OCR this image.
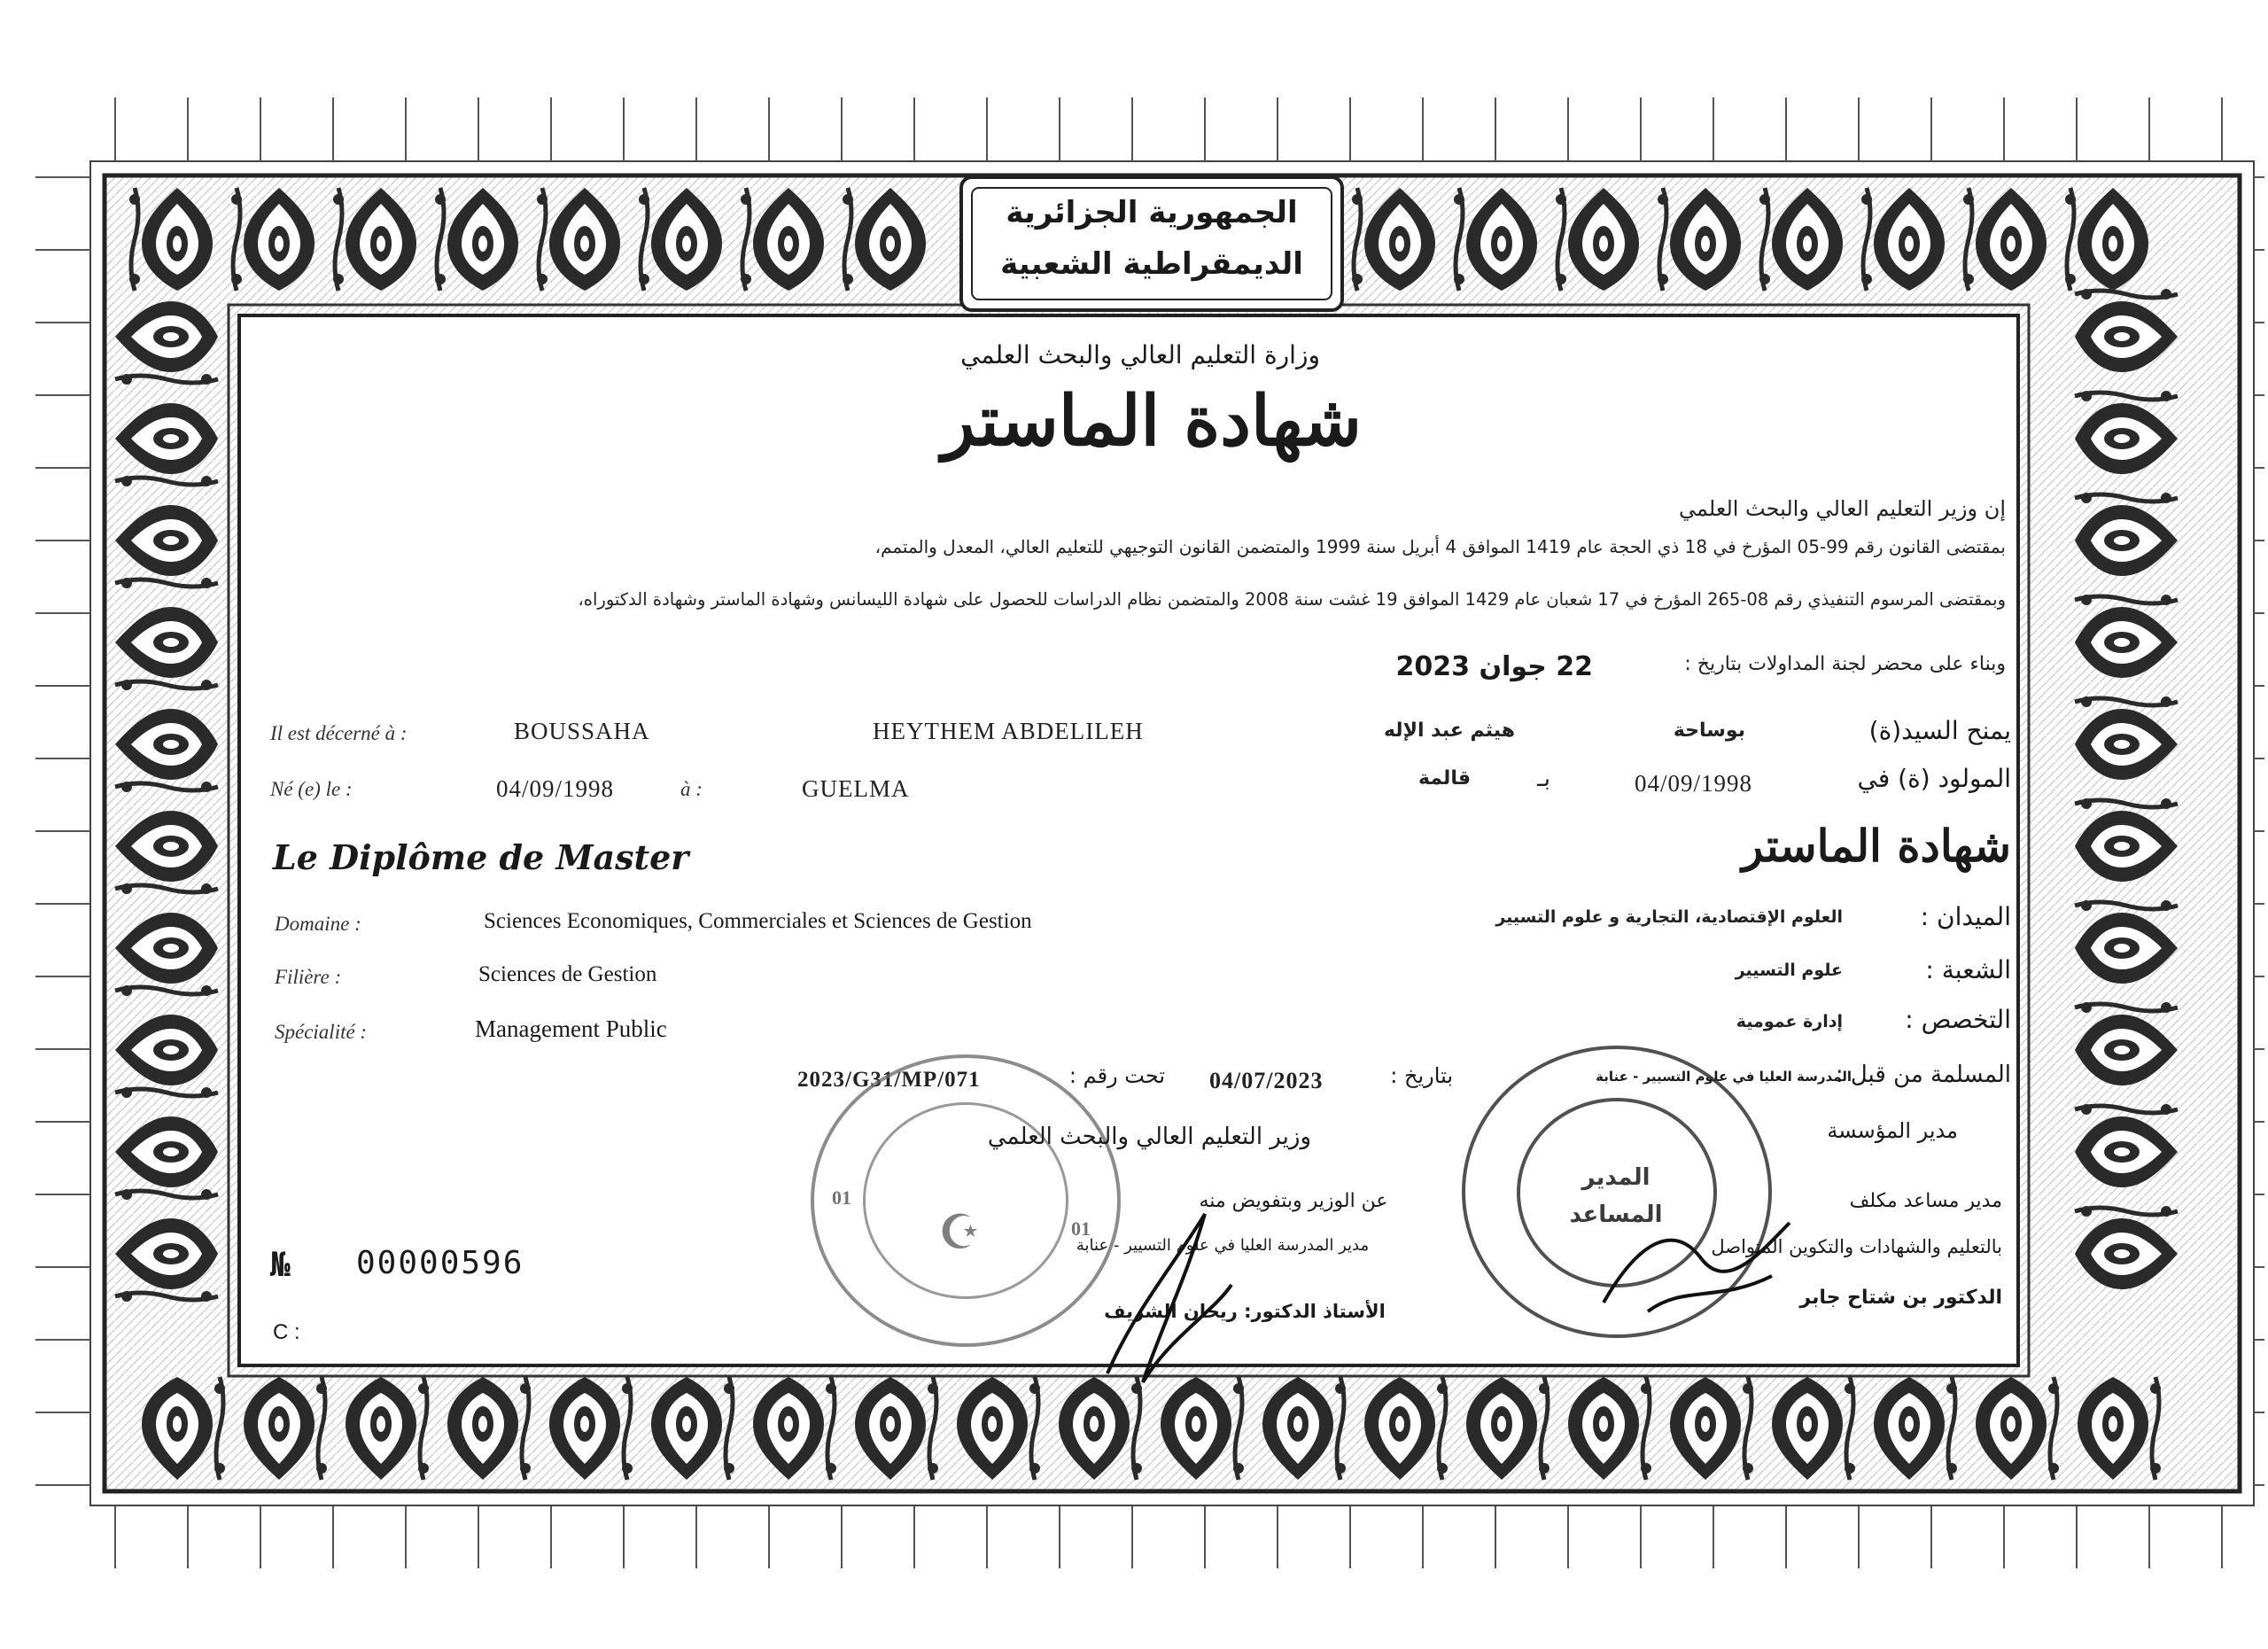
الجمهورية الجزائرية
الديمقراطية الشعبية
وزارة التعليم العالي والبحث العلمي
شهادة الماستر
إن وزير التعليم العالي والبحث العلمي
بمقتضى القانون رقم 99-05 المؤرخ في 18 ذي الحجة عام 1419 الموافق 4 أبريل سنة 1999 والمتضمن القانون التوجيهي للتعليم العالي، المعدل والمتمم،
وبمقتضى المرسوم التنفيذي رقم 08-265 المؤرخ في 17 شعبان عام 1429 الموافق 19 غشت سنة 2008 والمتضمن نظام الدراسات للحصول على شهادة الليسانس وشهادة الماستر وشهادة الدكتوراه،
وبناء على محضر لجنة المداولات بتاريخ :
22 جوان 2023
Il est décerné à :	BOUSSAHA	HEYTHEM ABDELILEH	هيثم عبد الإله	بوساحة	يمنح السيد(ة)
Né (e) le :	04/09/1998	à :	GUELMA	قالمة	بـ	04/09/1998	المولود (ة) في
Le Diplôme de Master	شهادة الماستر
Domaine :	Sciences Economiques, Commerciales et Sciences de Gestion	العلوم الإقتصادية، التجارية و علوم التسيير	الميدان :
Filière :	Sciences de Gestion	علوم التسيير	الشعبة :
Spécialité :	Management Public	إدارة عمومية	التخصص :
2023/G31/MP/071	تحت رقم : 04/07/2023	بتاريخ :	المدرسة العليا في علوم التسيير - عنابة
المسلمة من قبل :
01
01
☪
المدير
المساعد
وزير التعليم العالي والبحث العلمي
عن الوزير وبتفويض منه
مدير المدرسة العليا في علوم التسيير - عنابة
الأستاذ الدكتور: ريحان الشريف
مدير المؤسسة
مدير مساعد مكلف
بالتعليم والشهادات والتكوين المتواصل
الدكتور بن شتاح جابر
№ 00000596
C :
